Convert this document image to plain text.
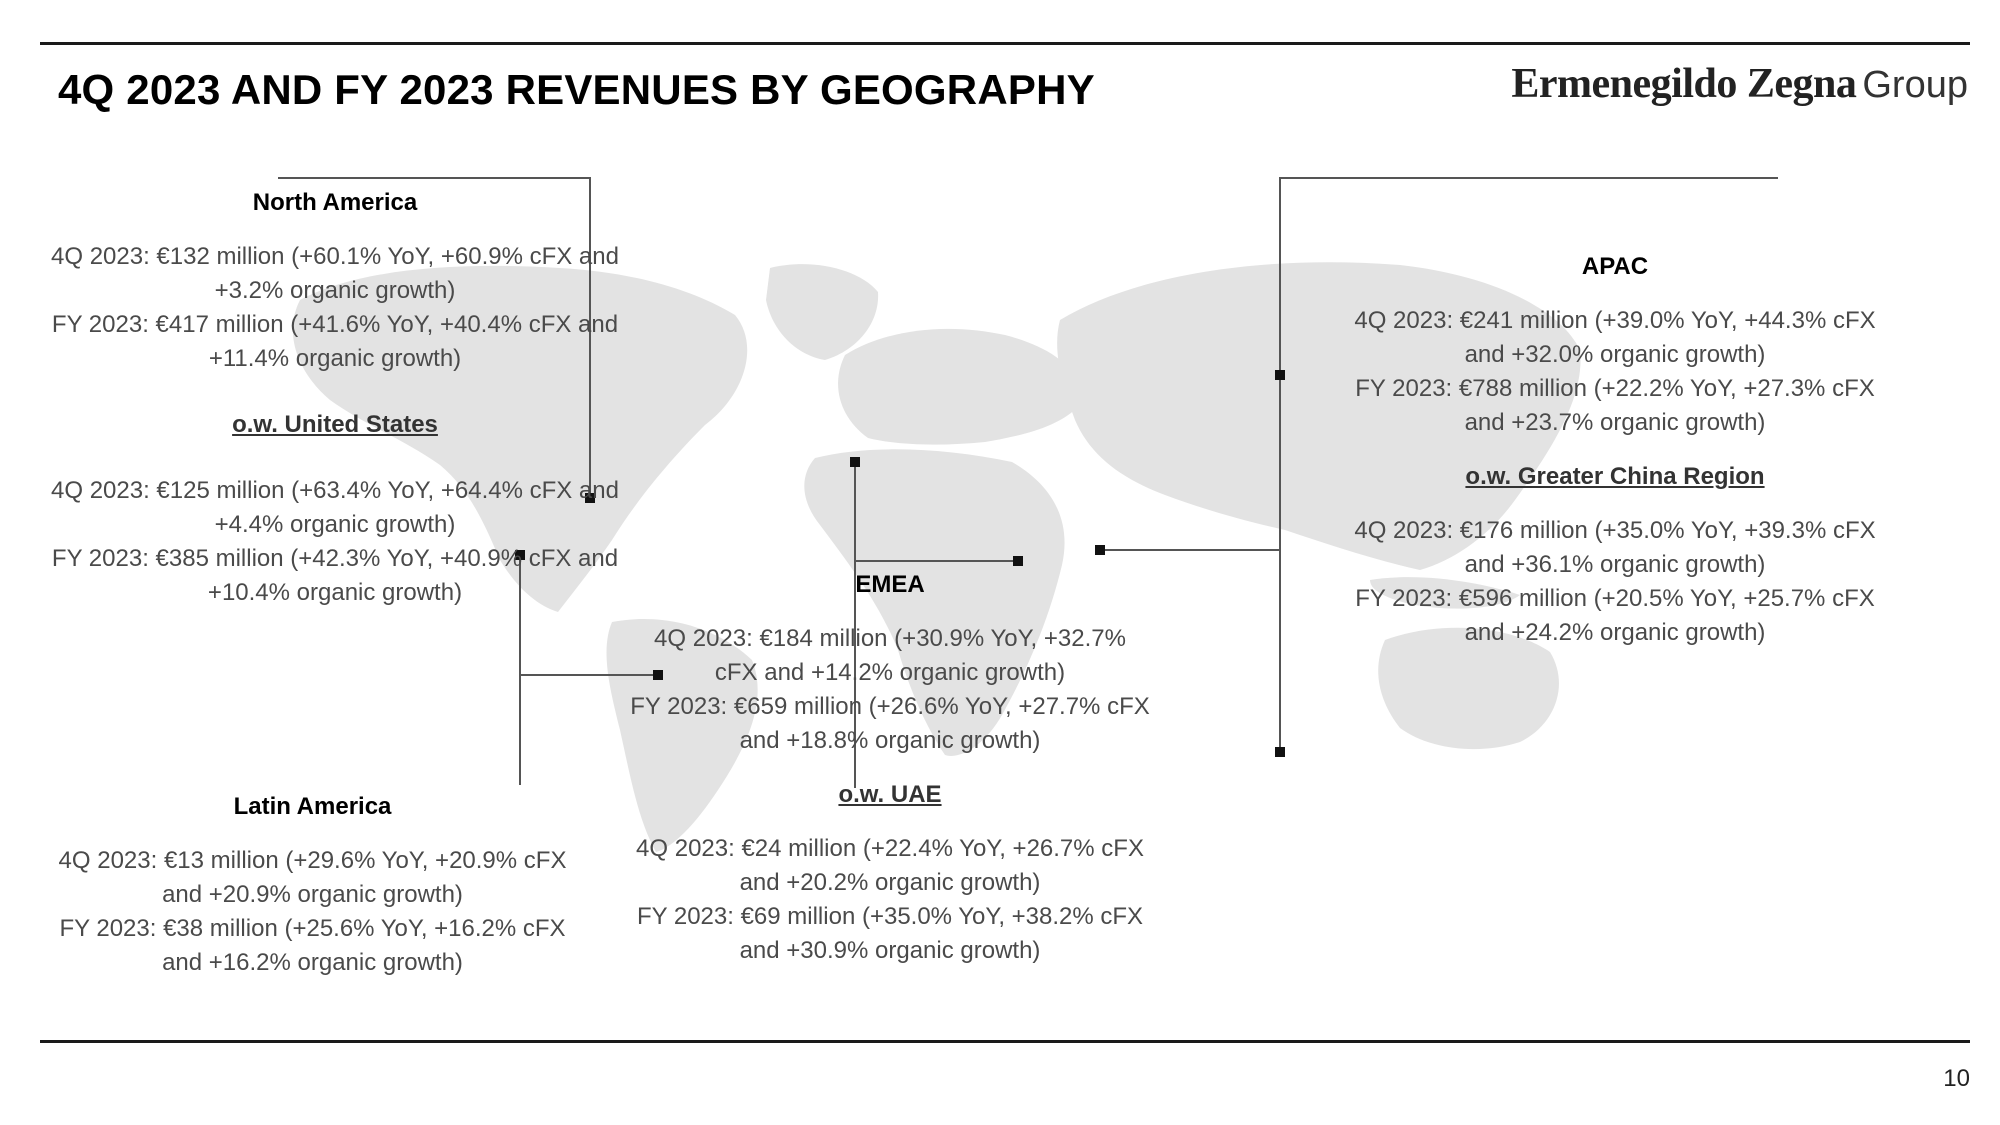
4Q 2023 AND FY 2023 REVENUES BY GEOGRAPHY	Ermenegildo Zegna Group
North America

4Q 2023: €132 million (+60.1% YoY, +60.9% cFX and +3.2% organic growth)

FY 2023: €417 million (+41.6% YoY, +40.4% cFX and +11.4% organic growth)

o.w. United States

4Q 2023: €125 million (+63.4% YoY, +64.4% cFX and +4.4% organic growth)

FY 2023: €385 million (+42.3% YoY, +40.9% cFX and +10.4% organic growth)

Latin America

4Q 2023: €13 million (+29.6% YoY, +20.9% cFX and +20.9% organic growth)

FY 2023: €38 million (+25.6% YoY, +16.2% cFX and +16.2% organic growth)

EMEA

4Q 2023: €184 million (+30.9% YoY, +32.7% cFX and +14.2% organic growth)

FY 2023: €659 million (+26.6% YoY, +27.7% cFX and +18.8% organic growth)

o.w. UAE

4Q 2023: €24 million (+22.4% YoY, +26.7% cFX and +20.2% organic growth)

FY 2023: €69 million (+35.0% YoY, +38.2% cFX and +30.9% organic growth)

APAC

4Q 2023: €241 million (+39.0% YoY, +44.3% cFX and +32.0% organic growth)

FY 2023: €788 million (+22.2% YoY, +27.3% cFX and +23.7% organic growth)

o.w. Greater China Region

4Q 2023: €176 million (+35.0% YoY, +39.3% cFX and +36.1% organic growth)

FY 2023: €596 million (+20.5% YoY, +25.7% cFX and +24.2% organic growth)

10
